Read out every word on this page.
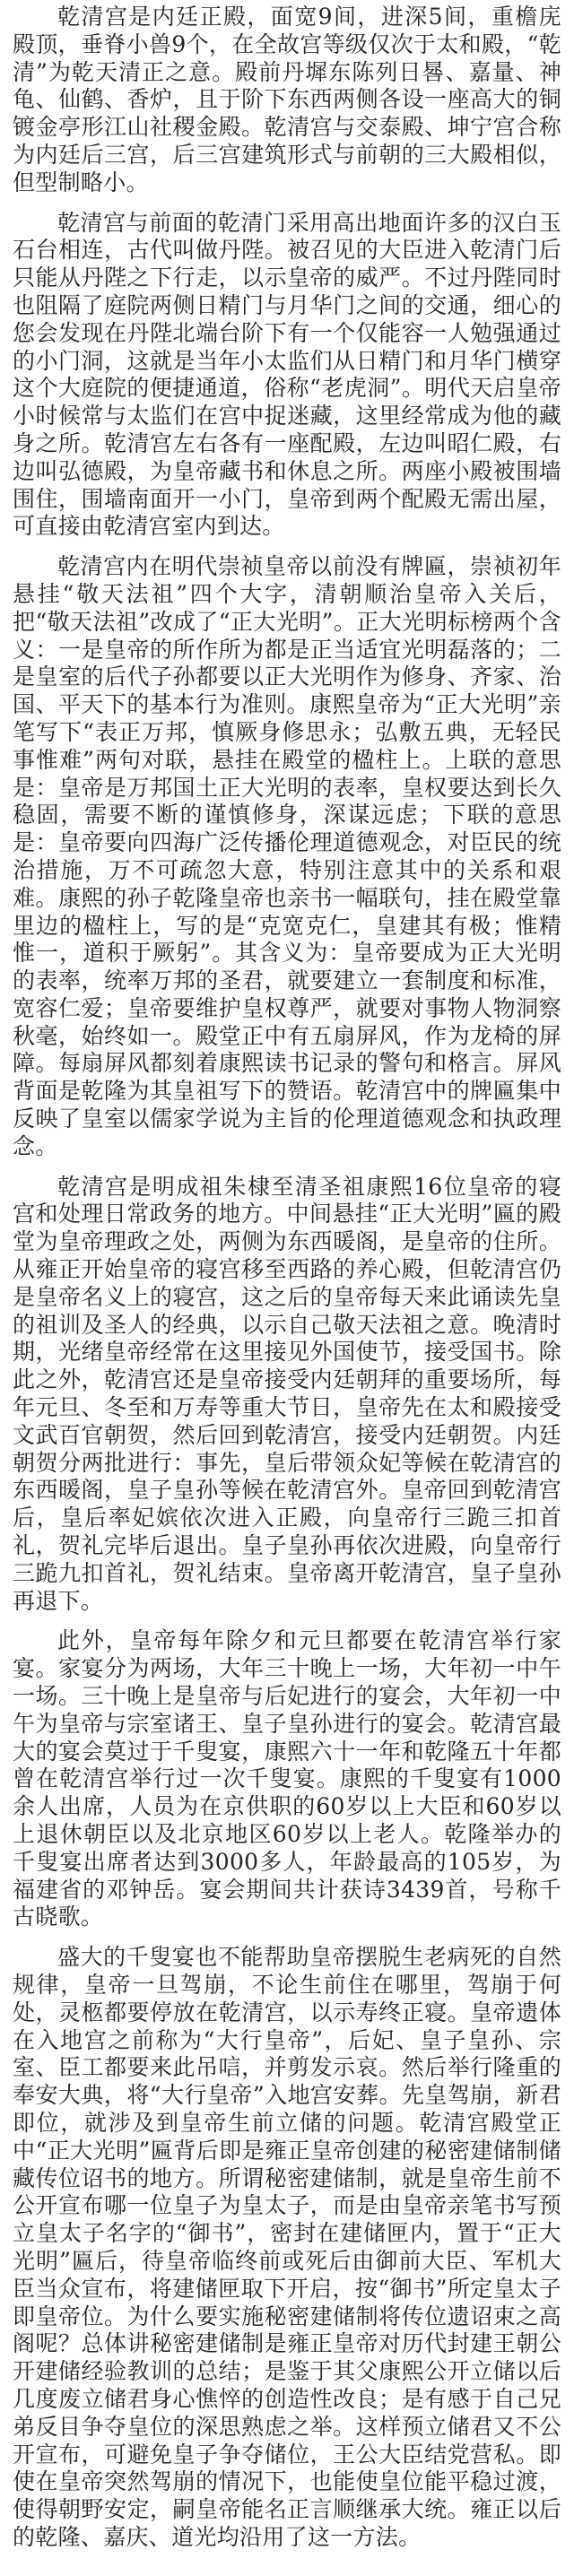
乾清宫是内廷正殿，面宽9间，进深5间，重檐庑殿顶，垂脊小兽9个，在全故宫等级仅次于太和殿，“乾清”为乾天清正之意。殿前丹墀东陈列日晷、嘉量、神龟、仙鹤、香炉，且于阶下东西两侧各设一座高大的铜镀金亭形江山社稷金殿。乾清宫与交泰殿、坤宁宫合称为内廷后三宫，后三宫建筑形式与前朝的三大殿相似，但型制略小。

乾清宫与前面的乾清门采用高出地面许多的汉白玉石台相连，古代叫做丹陛。被召见的大臣进入乾清门后只能从丹陛之下行走，以示皇帝的威严。不过丹陛同时也阻隔了庭院两侧日精门与月华门之间的交通，细心的您会发现在丹陛北端台阶下有一个仅能容一人勉强通过的小门洞，这就是当年小太监们从日精门和月华门横穿这个大庭院的便捷通道，俗称“老虎洞”。明代天启皇帝小时候常与太监们在宫中捉迷藏，这里经常成为他的藏身之所。乾清宫左右各有一座配殿，左边叫昭仁殿，右边叫弘德殿，为皇帝藏书和休息之所。两座小殿被围墙围住，围墙南面开一小门，皇帝到两个配殿无需出屋，可直接由乾清宫室内到达。

乾清宫内在明代崇祯皇帝以前没有牌匾，崇祯初年悬挂“敬天法祖”四个大字，清朝顺治皇帝入关后，把“敬天法祖”改成了“正大光明”。正大光明标榜两个含义：一是皇帝的所作所为都是正当适宜光明磊落的；二是皇室的后代子孙都要以正大光明作为修身、齐家、治国、平天下的基本行为准则。康熙皇帝为“正大光明”亲笔写下“表正万邦，慎厥身修思永；弘敷五典，无轻民事惟难”两句对联，悬挂在殿堂的楹柱上。上联的意思是：皇帝是万邦国土正大光明的表率，皇权要达到长久稳固，需要不断的谨慎修身，深谋远虑；下联的意思是：皇帝要向四海广泛传播伦理道德观念，对臣民的统治措施，万不可疏忽大意，特别注意其中的关系和艰难。康熙的孙子乾隆皇帝也亲书一幅联句，挂在殿堂靠里边的楹柱上，写的是“克宽克仁，皇建其有极；惟精惟一，道积于厥躬”。其含义为：皇帝要成为正大光明的表率，统率万邦的圣君，就要建立一套制度和标准，宽容仁爱；皇帝要维护皇权尊严，就要对事物人物洞察秋毫，始终如一。殿堂正中有五扇屏风，作为龙椅的屏障。每扇屏风都刻着康熙读书记录的警句和格言。屏风背面是乾隆为其皇祖写下的赞语。乾清宫中的牌匾集中反映了皇室以儒家学说为主旨的伦理道德观念和执政理念。

乾清宫是明成祖朱棣至清圣祖康熙16位皇帝的寝宫和处理日常政务的地方。中间悬挂“正大光明”匾的殿堂为皇帝理政之处，两侧为东西暖阁，是皇帝的住所。从雍正开始皇帝的寝宫移至西路的养心殿，但乾清宫仍是皇帝名义上的寝宫，这之后的皇帝每天来此诵读先皇的祖训及圣人的经典，以示自己敬天法祖之意。晚清时期，光绪皇帝经常在这里接见外国使节，接受国书。除此之外，乾清宫还是皇帝接受内廷朝拜的重要场所，每年元旦、冬至和万寿等重大节日，皇帝先在太和殿接受文武百官朝贺，然后回到乾清宫，接受内廷朝贺。内廷朝贺分两批进行：事先，皇后带领众妃等候在乾清宫的东西暖阁，皇子皇孙等候在乾清宫外。皇帝回到乾清宫后，皇后率妃嫔依次进入正殿，向皇帝行三跪三扣首礼，贺礼完毕后退出。皇子皇孙再依次进殿，向皇帝行三跪九扣首礼，贺礼结束。皇帝离开乾清宫，皇子皇孙再退下。

此外，皇帝每年除夕和元旦都要在乾清宫举行家宴。家宴分为两场，大年三十晚上一场，大年初一中午一场。三十晚上是皇帝与后妃进行的宴会，大年初一中午为皇帝与宗室诸王、皇子皇孙进行的宴会。乾清宫最大的宴会莫过于千叟宴，康熙六十一年和乾隆五十年都曾在乾清宫举行过一次千叟宴。康熙的千叟宴有1000余人出席，人员为在京供职的60岁以上大臣和60岁以上退休朝臣以及北京地区60岁以上老人。乾隆举办的千叟宴出席者达到3000多人，年龄最高的105岁，为福建省的邓钟岳。宴会期间共计获诗3439首，号称千古晓歌。

盛大的千叟宴也不能帮助皇帝摆脱生老病死的自然规律，皇帝一旦驾崩，不论生前住在哪里，驾崩于何处，灵柩都要停放在乾清宫，以示寿终正寝。皇帝遗体在入地宫之前称为“大行皇帝”，后妃、皇子皇孙、宗室、臣工都要来此吊唁，并剪发示哀。然后举行隆重的奉安大典，将“大行皇帝”入地宫安葬。先皇驾崩，新君即位，就涉及到皇帝生前立储的问题。乾清宫殿堂正中“正大光明”匾背后即是雍正皇帝创建的秘密建储制储藏传位诏书的地方。所谓秘密建储制，就是皇帝生前不公开宣布哪一位皇子为皇太子，而是由皇帝亲笔书写预立皇太子名字的“御书”，密封在建储匣内，置于“正大光明”匾后，待皇帝临终前或死后由御前大臣、军机大臣当众宣布，将建储匣取下开启，按“御书”所定皇太子即皇帝位。为什么要实施秘密建储制将传位遗诏束之高阁呢？总体讲秘密建储制是雍正皇帝对历代封建王朝公开建储经验教训的总结；是鉴于其父康熙公开立储以后几度废立储君身心憔悴的创造性改良；是有感于自己兄弟反目争夺皇位的深思熟虑之举。这样预立储君又不公开宣布，可避免皇子争夺储位，王公大臣结党营私。即使在皇帝突然驾崩的情况下，也能使皇位能平稳过渡，使得朝野安定，嗣皇帝能名正言顺继承大统。雍正以后的乾隆、嘉庆、道光均沿用了这一方法。
